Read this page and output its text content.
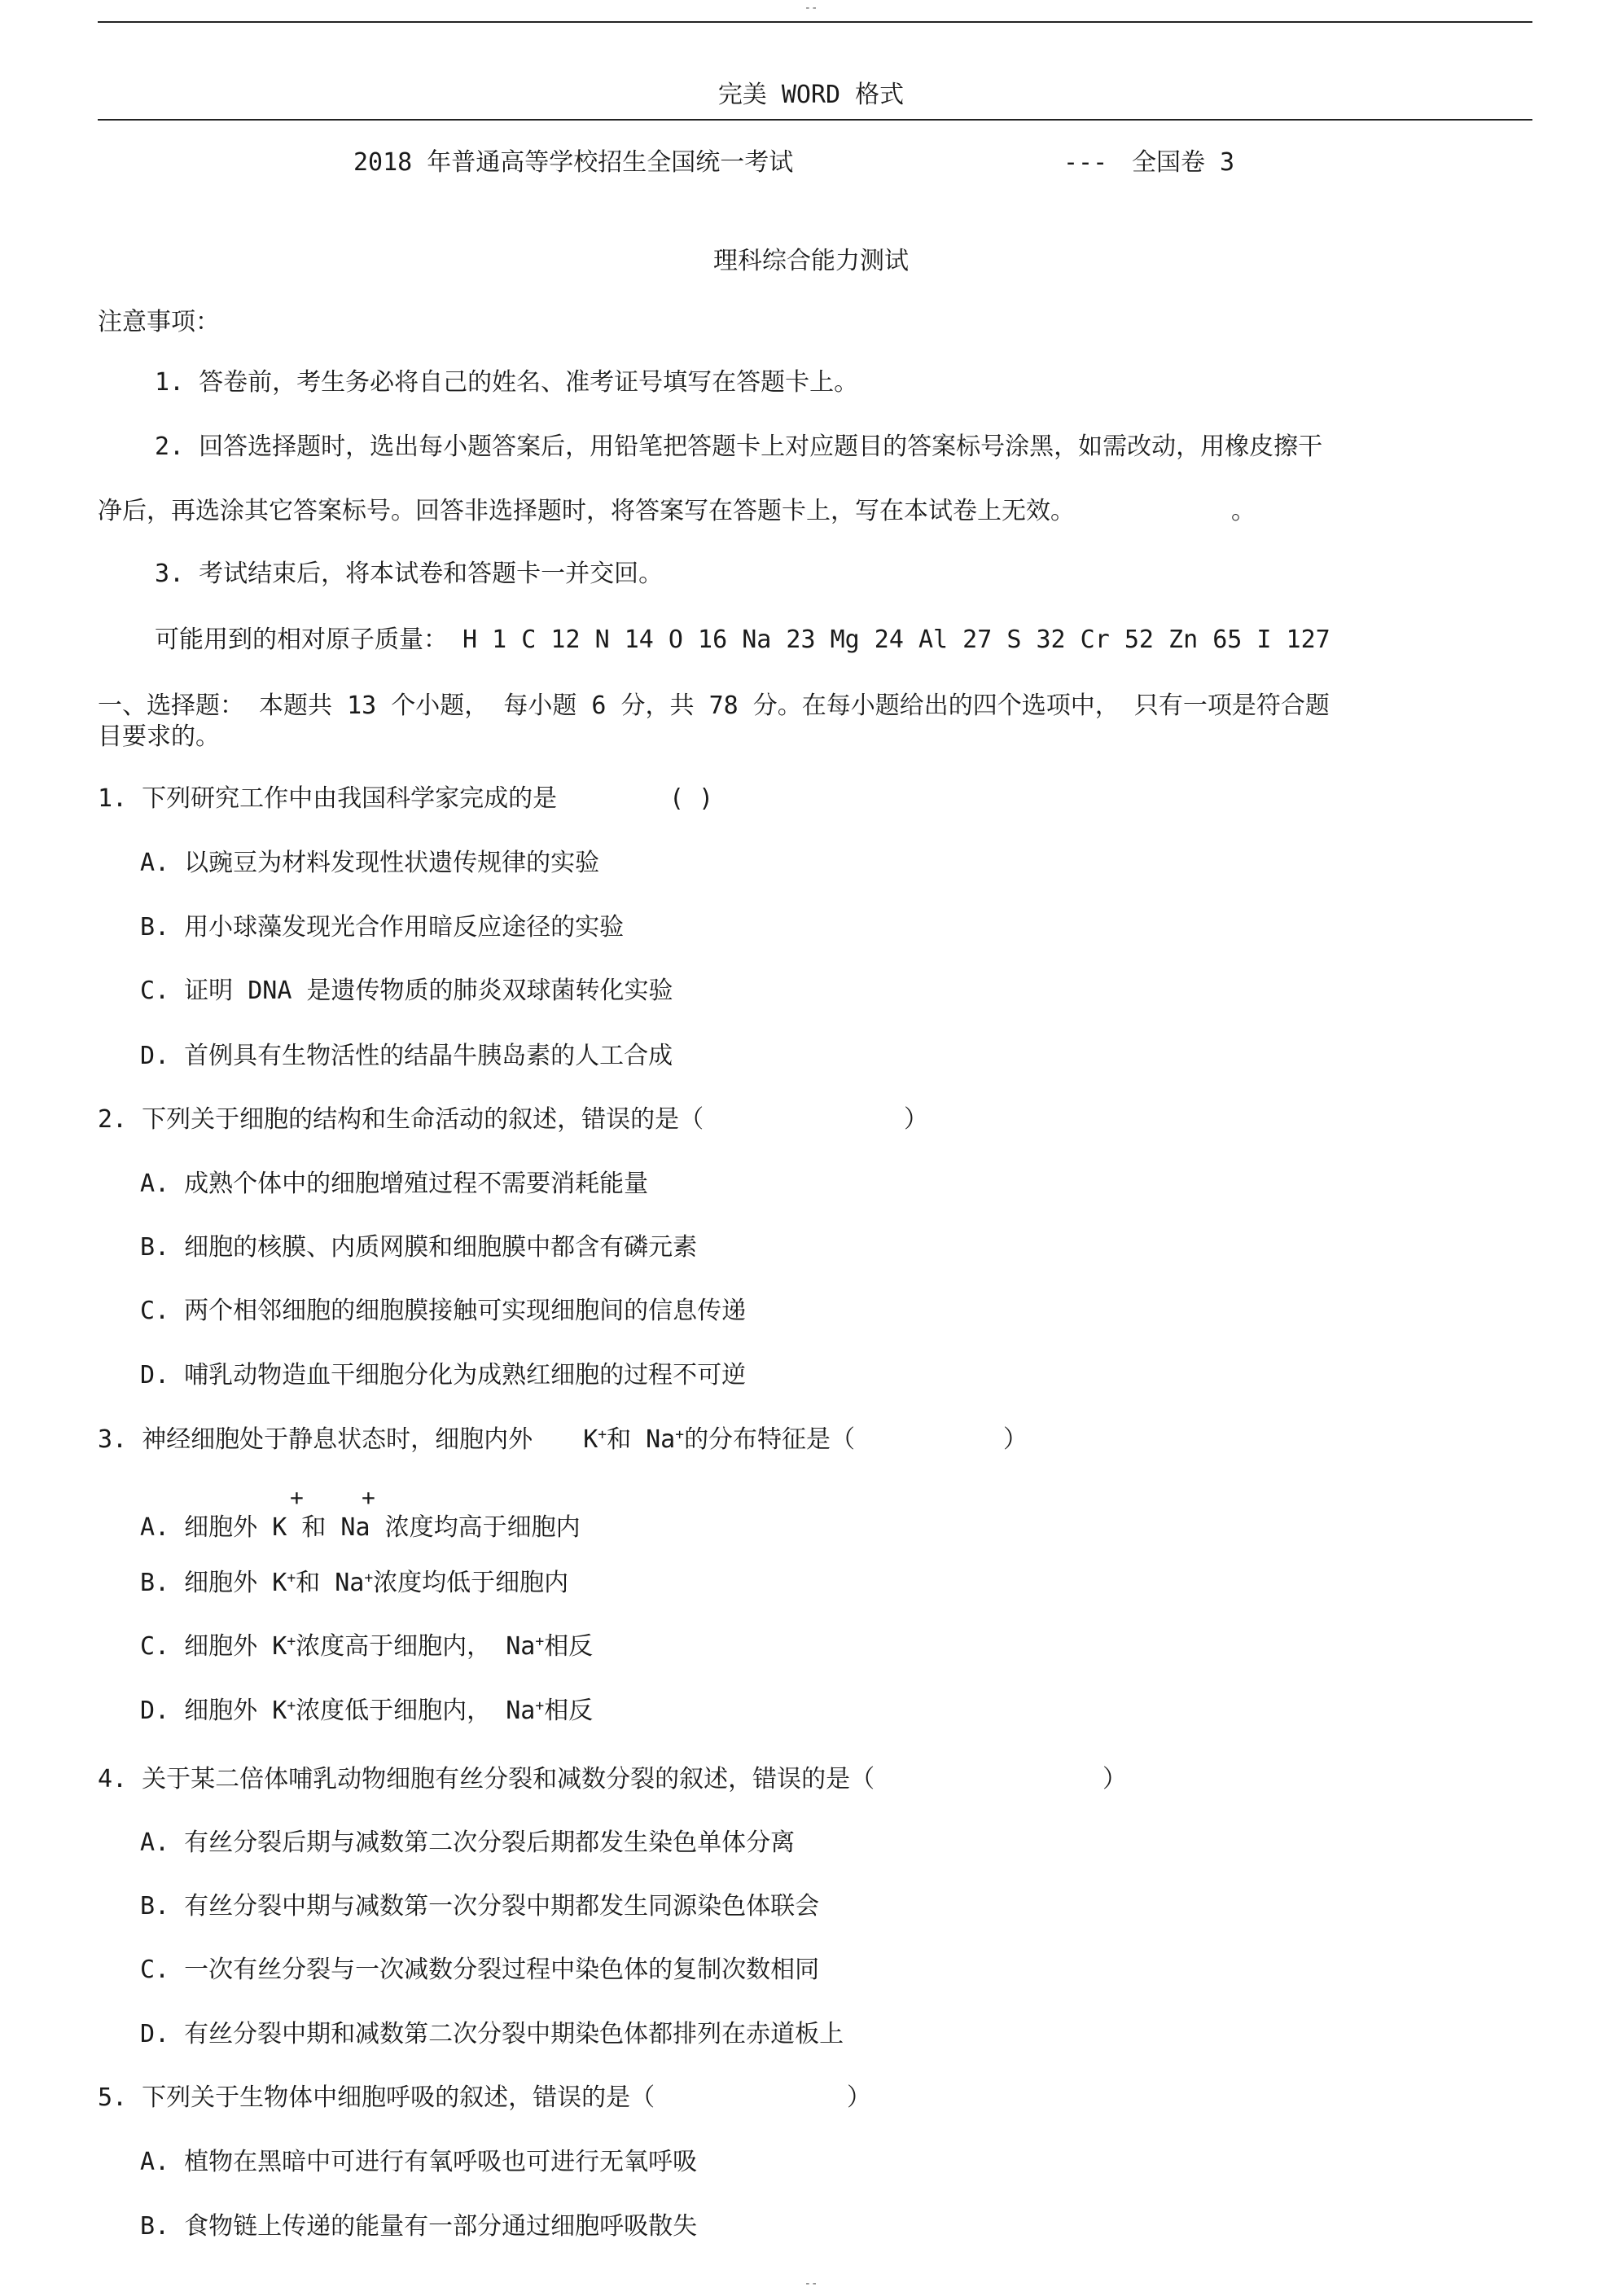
--
完美 WORD 格式
2018 年普通高等学校招生全国统一考试	--- 全国卷 3
理科综合能力测试
注意事项：
1. 答卷前，考生务必将自己的姓名、准考证号填写在答题卡上。
2. 回答选择题时，选出每小题答案后，用铅笔把答题卡上对应题目的答案标号涂黑，如需改动，用橡皮擦干
净后，再选涂其它答案标号。回答非选择题时，将答案写在答题卡上，写在本试卷上无效。	。
3. 考试结束后，将本试卷和答题卡一并交回。
可能用到的相对原子质量： H 1 C 12 N 14 O 16 Na 23 Mg 24 Al 27 S 32 Cr 52 Zn 65 I 127
一、选择题： 本题共 13 个小题， 每小题 6 分，共 78 分。在每小题给出的四个选项中， 只有一项是符合题
目要求的。
1. 下列研究工作中由我国科学家完成的是	( )
A. 以豌豆为材料发现性状遗传规律的实验
B. 用小球藻发现光合作用暗反应途径的实验
C. 证明 DNA 是遗传物质的肺炎双球菌转化实验
D. 首例具有生物活性的结晶牛胰岛素的人工合成
2. 下列关于细胞的结构和生命活动的叙述，错误的是（	）
A. 成熟个体中的细胞增殖过程不需要消耗能量
B. 细胞的核膜、内质网膜和细胞膜中都含有磷元素
C. 两个相邻细胞的细胞膜接触可实现细胞间的信息传递
D. 哺乳动物造血干细胞分化为成熟红细胞的过程不可逆
3. 神经细胞处于静息状态时，细胞内外 K+和 Na+的分布特征是（	）
+	+
A. 细胞外 K 和 Na 浓度均高于细胞内
B. 细胞外 K+和 Na+浓度均低于细胞内
C. 细胞外 K+浓度高于细胞内， Na+相反
D. 细胞外 K+浓度低于细胞内， Na+相反
4. 关于某二倍体哺乳动物细胞有丝分裂和减数分裂的叙述，错误的是（	）
A. 有丝分裂后期与减数第二次分裂后期都发生染色单体分离
B. 有丝分裂中期与减数第一次分裂中期都发生同源染色体联会
C. 一次有丝分裂与一次减数分裂过程中染色体的复制次数相同
D. 有丝分裂中期和减数第二次分裂中期染色体都排列在赤道板上
5. 下列关于生物体中细胞呼吸的叙述，错误的是（	）
A. 植物在黑暗中可进行有氧呼吸也可进行无氧呼吸
B. 食物链上传递的能量有一部分通过细胞呼吸散失
--
